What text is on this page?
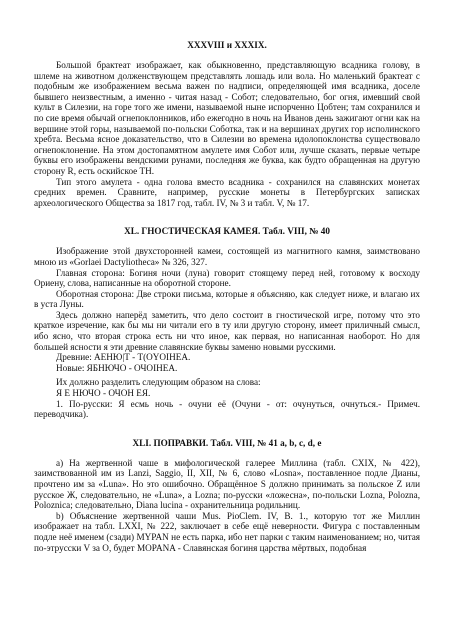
XXXVIII и XXXIX.

Большой брактеат изображает, как обыкновенно, представляющую всадника голову, в шлеме на животном долженствующем представлять лошадь или вола. Но маленький брактеат с подобным же изображением весьма важен по надписи, определяющей имя всадника, доселе бывшего неизвестным, а именно - читая назад - Собот; следовательно, бог огня, имевший свой культ в Силезии, на горе того же имени, называемой ныне испорченно Цобтен; там сохранился и по сие время обычай огнепоклонников, ибо ежегодно в ночь на Иванов день зажигают огни как на вершине этой горы, называемой по-польски Соботка, так и на вершинах других гор исполинского хребта. Весьма ясное доказательство, что в Силезии во времена идолопоклонства существовало огнепоклонение. На этом достопамятном амулете имя Собот или, лучше сказать, первые четыре буквы его изображены вендскими рунами, последняя же буква, как будто обращенная на другую сторону R, есть оскийское ТН.

Тип этого амулета - одна голова вместо всадника - сохранился на славянских монетах средних времен. Сравните, например, русские монеты в Петербургских записках археологического Общества за 1817 год, табл. IV, № 3 и табл. V, № 17.

XL. ГНОСТИЧЕСКАЯ КАМЕЯ. Табл. VIII, № 40

Изображение этой двухсторонней камеи, состоящей из магнитного камня, заимствовано мною из «Gorlaei Dactyliotheca» № 326, 327.

Главная сторона: Богиня ночи (луна) говорит стоящему перед ней, готовому к восходу Ориену, слова, написанные на оборотной стороне.

Оборотная сторона: Две строки письма, которые я объясняю, как следует ниже, и влагаю их в уста Луны.

Здесь должно наперёд заметить, что дело состоит в гностической игре, потому что это краткое изречение, как бы мы ни читали его в ту или другую сторону, имеет приличный смысл, ибо ясно, что вторая строка есть ни что иное, как первая, но написанная наоборот. Но для большей ясности я эти древние славянские буквы заменю новыми русскими.

Древние: AEНЮ|Т - Т(ОYOIНЕА.

Новые: ЯБНЮЧО - ОЧОІНЕА.

Их должно разделить следующим образом на слова:

Я Е НЮЧО - ОЧОН ЕЯ.

1. По-русски: Я есмь ночь - очуни её (Очуни - от: очунуться, очнуться.- Примеч. переводчика).

XLI. ПОПРАВКИ. Табл. VIII, № 41 a, b, c, d, e

a) На жертвенной чаше в мифологической галерее Миллина (табл. CXIX, № 422), заимствованной им из Lanzi, Saggio, II, XII, № 6, слово «Losna», поставленное подле Дианы, прочтено им за «Luna». Но это ошибочно. Обращённое S должно принимать за польское Z или русское Ж, следовательно, не «Luna», а Lozna; по-русски «ложесна», по-польски Lozna, Polozna, Poloznica; следовательно, Diana lucina - охранительница родильниц.

b) Объяснение жертвенной чаши Mus. PioClem. IV, B. 1., которую тот же Миллин изображает на табл. LXXI, № 222, заключает в себе ещё неверности. Фигура с поставленным подле неё именем (сзади) MYPAN не есть парка, ибо нет парки с таким наименованием; но, читая по-этрусски V за О, будет MOPANA - Славянская богиня царства мёртвых, подобная
